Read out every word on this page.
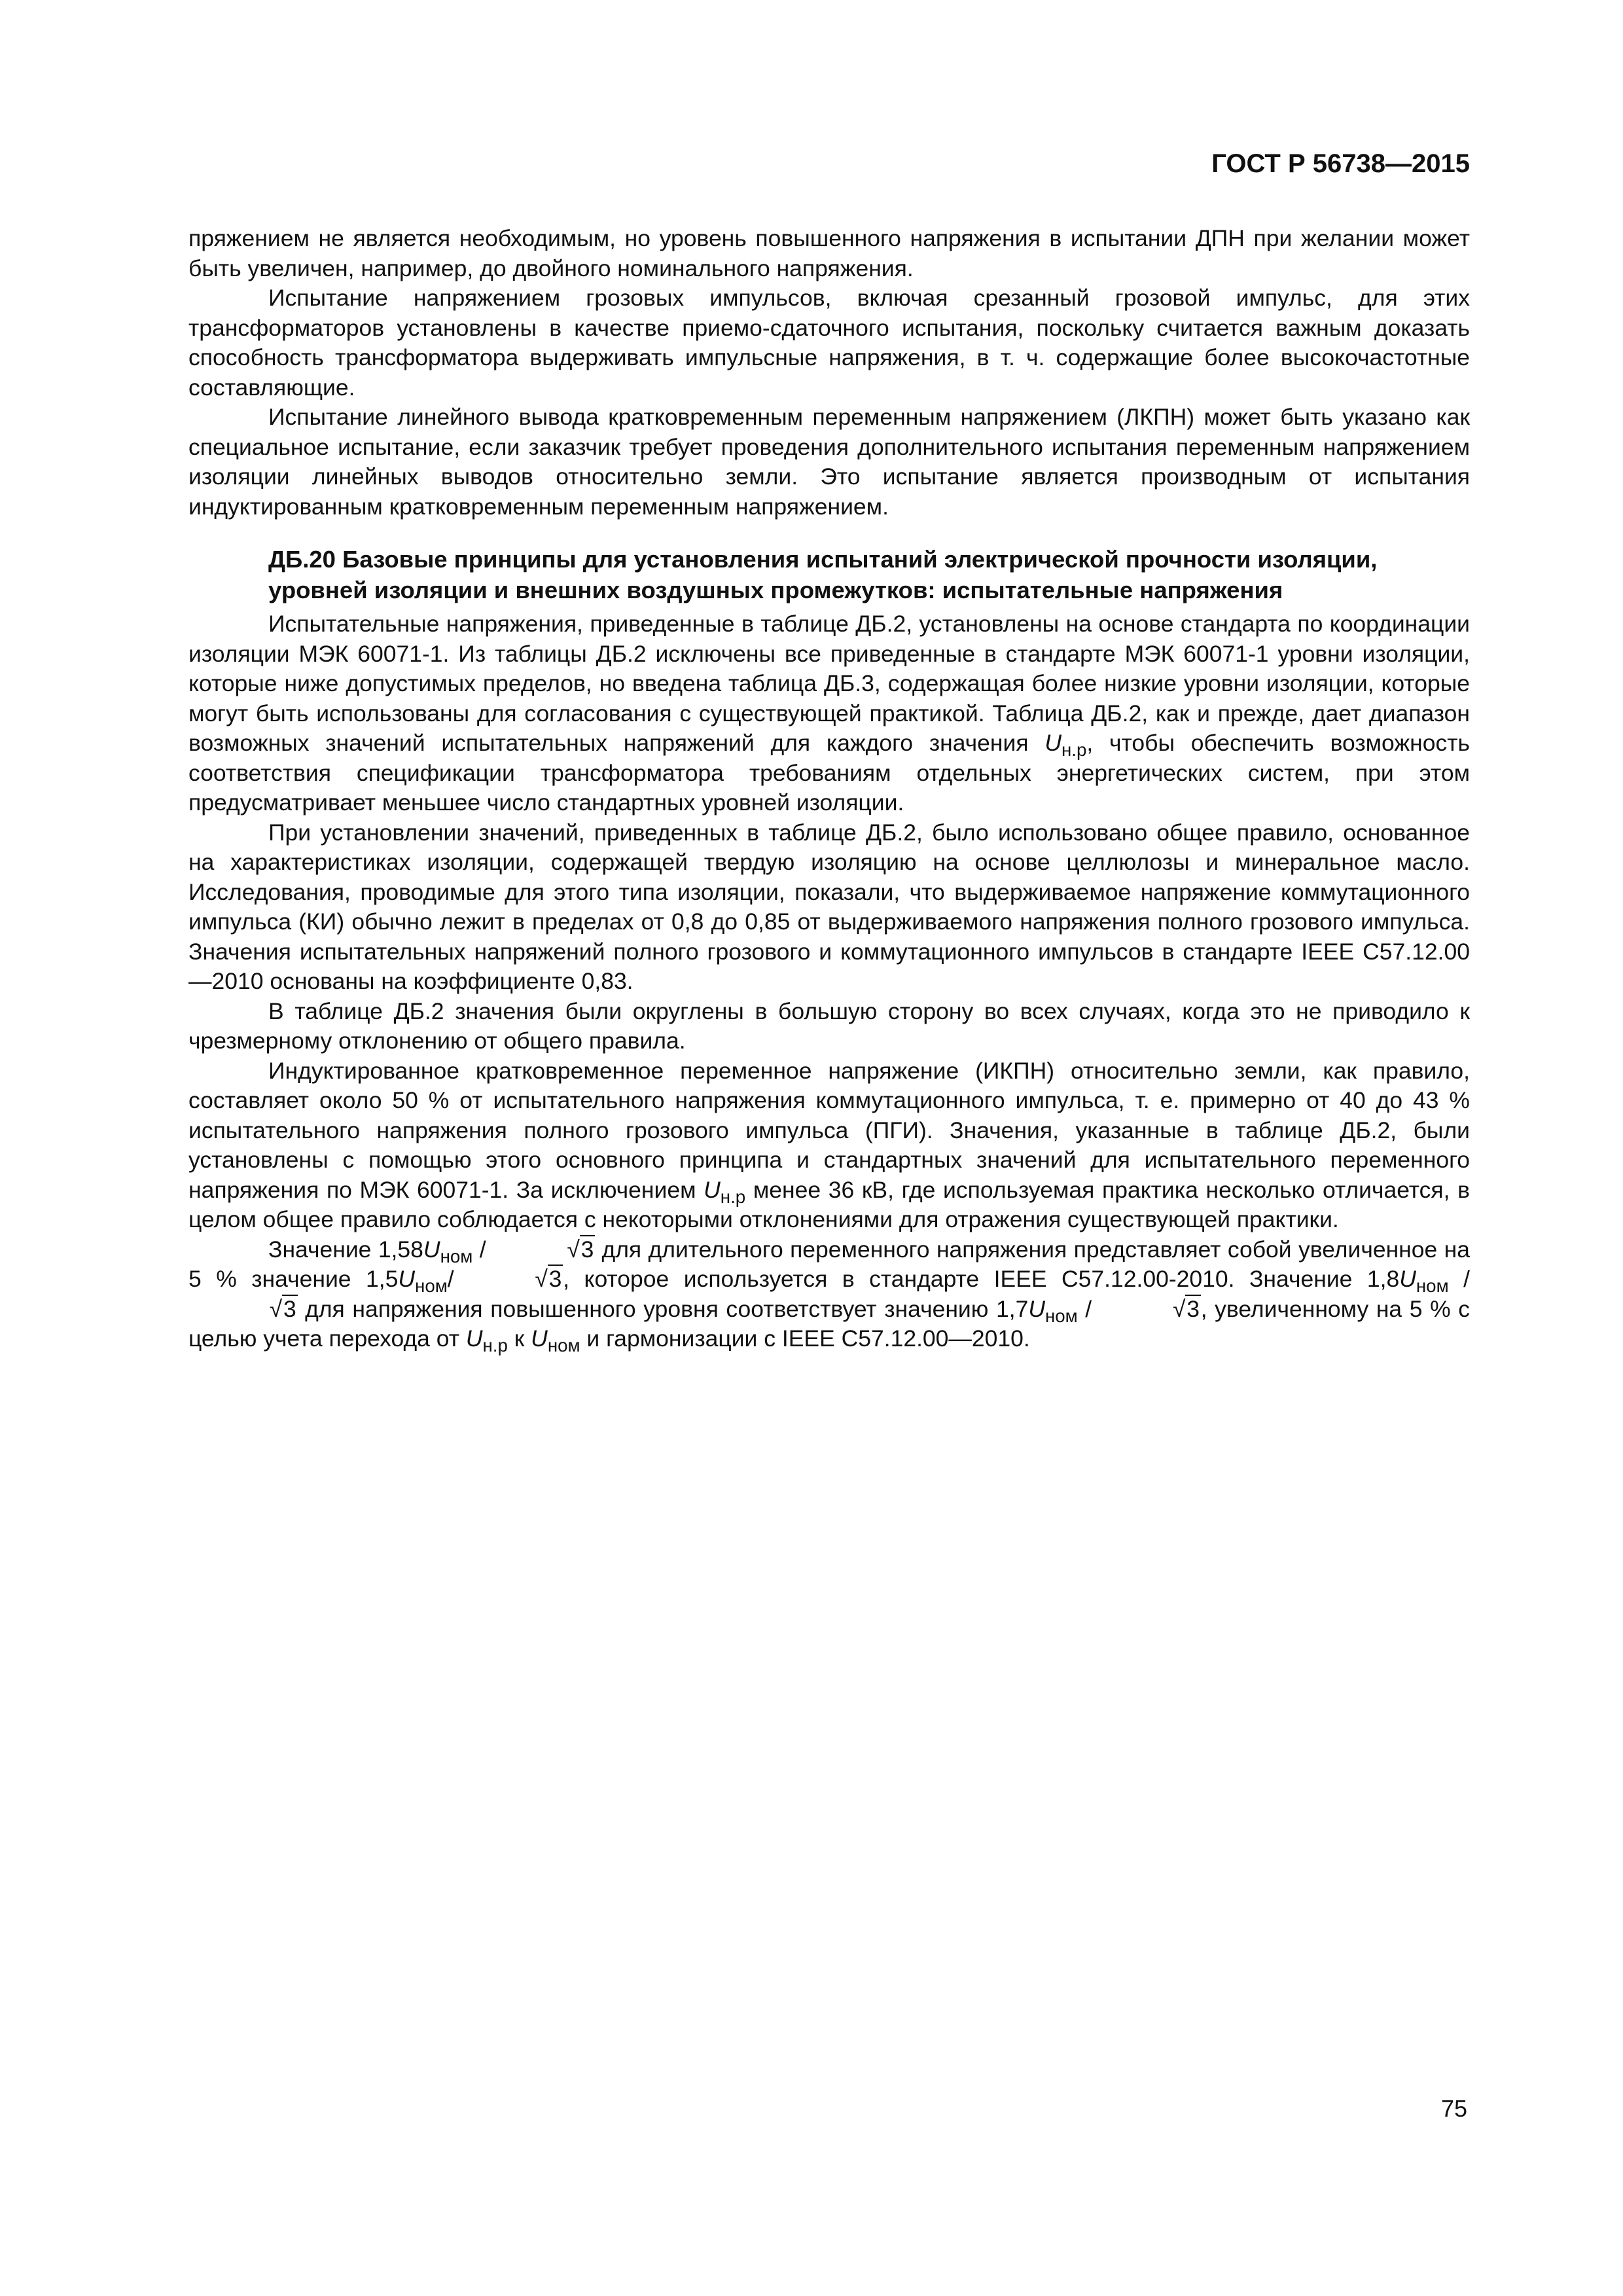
ГОСТ Р 56738—2015

пряжением не является необходимым, но уровень повышенного напряжения в испытании ДПН при желании может быть увеличен, например, до двойного номинального напряжения.

Испытание напряжением грозовых импульсов, включая срезанный грозовой импульс, для этих трансформаторов установлены в качестве приемо-сдаточного испытания, поскольку считается важным доказать способность трансформатора выдерживать импульсные напряжения, в т. ч. содержащие более высокочастотные составляющие.

Испытание линейного вывода кратковременным переменным напряжением (ЛКПН) может быть указано как специальное испытание, если заказчик требует проведения дополнительного испытания переменным напряжением изоляции линейных выводов относительно земли. Это испытание является производным от испытания индуктированным кратковременным переменным напряжением.

ДБ.20 Базовые принципы для установления испытаний электрической прочности изоляции, уровней изоляции и внешних воздушных промежутков: испытательные напряжения

Испытательные напряжения, приведенные в таблице ДБ.2, установлены на основе стандарта по координации изоляции МЭК 60071-1. Из таблицы ДБ.2 исключены все приведенные в стандарте МЭК 60071-1 уровни изоляции, которые ниже допустимых пределов, но введена таблица ДБ.3, содержащая более низкие уровни изоляции, которые могут быть использованы для согласования с существующей практикой. Таблица ДБ.2, как и прежде, дает диапазон возможных значений испытательных напряжений для каждого значения $U_{н.р}$, чтобы обеспечить возможность соответствия спецификации трансформатора требованиям отдельных энергетических систем, при этом предусматривает меньшее число стандартных уровней изоляции.

При установлении значений, приведенных в таблице ДБ.2, было использовано общее правило, основанное на характеристиках изоляции, содержащей твердую изоляцию на основе целлюлозы и минеральное масло. Исследования, проводимые для этого типа изоляции, показали, что выдерживаемое напряжение коммутационного импульса (КИ) обычно лежит в пределах от 0,8 до 0,85 от выдерживаемого напряжения полного грозового импульса. Значения испытательных напряжений полного грозового и коммутационного импульсов в стандарте IEEE C57.12.00—2010 основаны на коэффициенте 0,83.

В таблице ДБ.2 значения были округлены в большую сторону во всех случаях, когда это не приводило к чрезмерному отклонению от общего правила.

Индуктированное кратковременное переменное напряжение (ИКПН) относительно земли, как правило, составляет около 50 % от испытательного напряжения коммутационного импульса, т. е. примерно от 40 до 43 % испытательного напряжения полного грозового импульса (ПГИ). Значения, указанные в таблице ДБ.2, были установлены с помощью этого основного принципа и стандартных значений для испытательного переменного напряжения по МЭК 60071-1. За исключением $U_{н.р}$ менее 36 кВ, где используемая практика несколько отличается, в целом общее правило соблюдается с некоторыми отклонениями для отражения существующей практики.

Значение $1,58U_{ном}$ /	√3 для длительного переменного напряжения представляет собой увеличенное на 5 % значение $1,5U_{ном}/$	√3, которое используется в стандарте IEEE C57.12.00-2010. Значение $1,8U_{ном}$ /√3 для напряжения повышенного уровня соответствует значению $1,7U_{ном}$ /	√3, увеличенному на 5 % с целью учета перехода от $U_{н.р}$ к $U_{ном}$ и гармонизации с IEEE C57.12.00—2010.

75
